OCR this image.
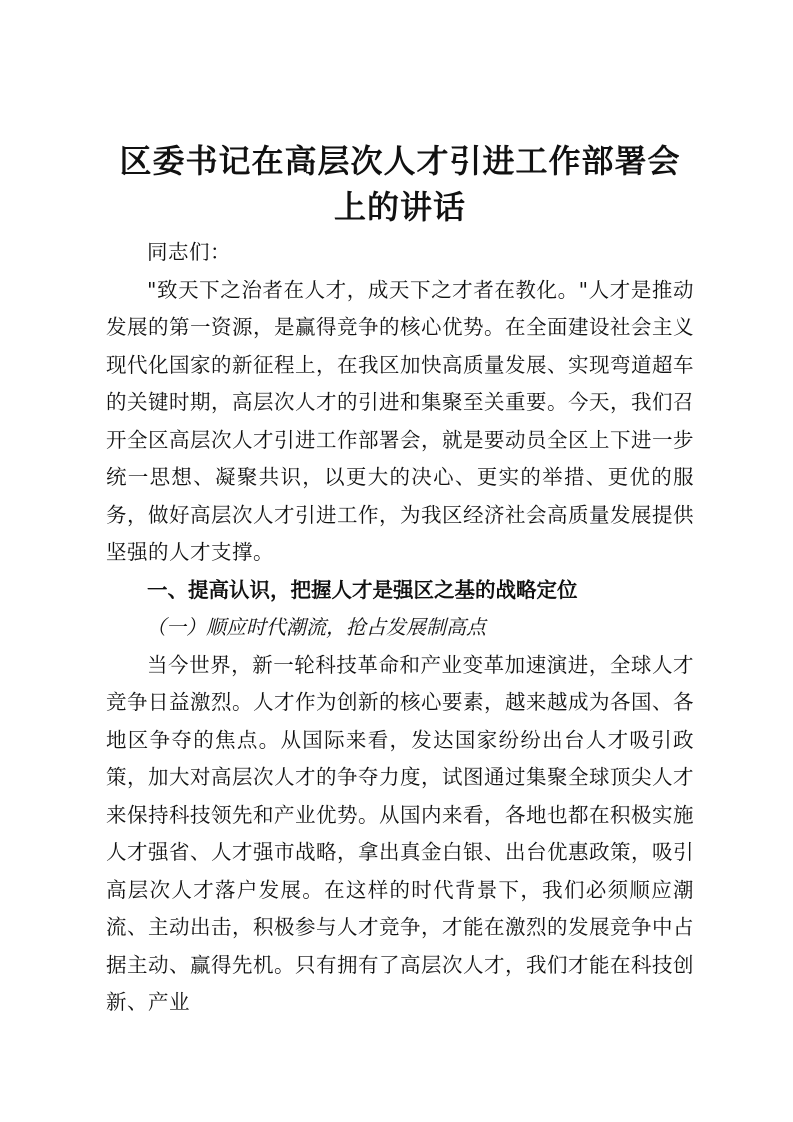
区委书记在高层次人才引进工作部署会上的讲话

同志们：

"致天下之治者在人才，成天下之才者在教化。"人才是推动发展的第一资源，是赢得竞争的核心优势。在全面建设社会主义现代化国家的新征程上，在我区加快高质量发展、实现弯道超车的关键时期，高层次人才的引进和集聚至关重要。今天，我们召开全区高层次人才引进工作部署会，就是要动员全区上下进一步统一思想、凝聚共识，以更大的决心、更实的举措、更优的服务，做好高层次人才引进工作，为我区经济社会高质量发展提供坚强的人才支撑。

一、提高认识，把握人才是强区之基的战略定位

（一）顺应时代潮流，抢占发展制高点

当今世界，新一轮科技革命和产业变革加速演进，全球人才竞争日益激烈。人才作为创新的核心要素，越来越成为各国、各地区争夺的焦点。从国际来看，发达国家纷纷出台人才吸引政策，加大对高层次人才的争夺力度，试图通过集聚全球顶尖人才来保持科技领先和产业优势。从国内来看，各地也都在积极实施人才强省、人才强市战略，拿出真金白银、出台优惠政策，吸引高层次人才落户发展。在这样的时代背景下，我们必须顺应潮流、主动出击，积极参与人才竞争，才能在激烈的发展竞争中占据主动、赢得先机。只有拥有了高层次人才，我们才能在科技创新、产业
